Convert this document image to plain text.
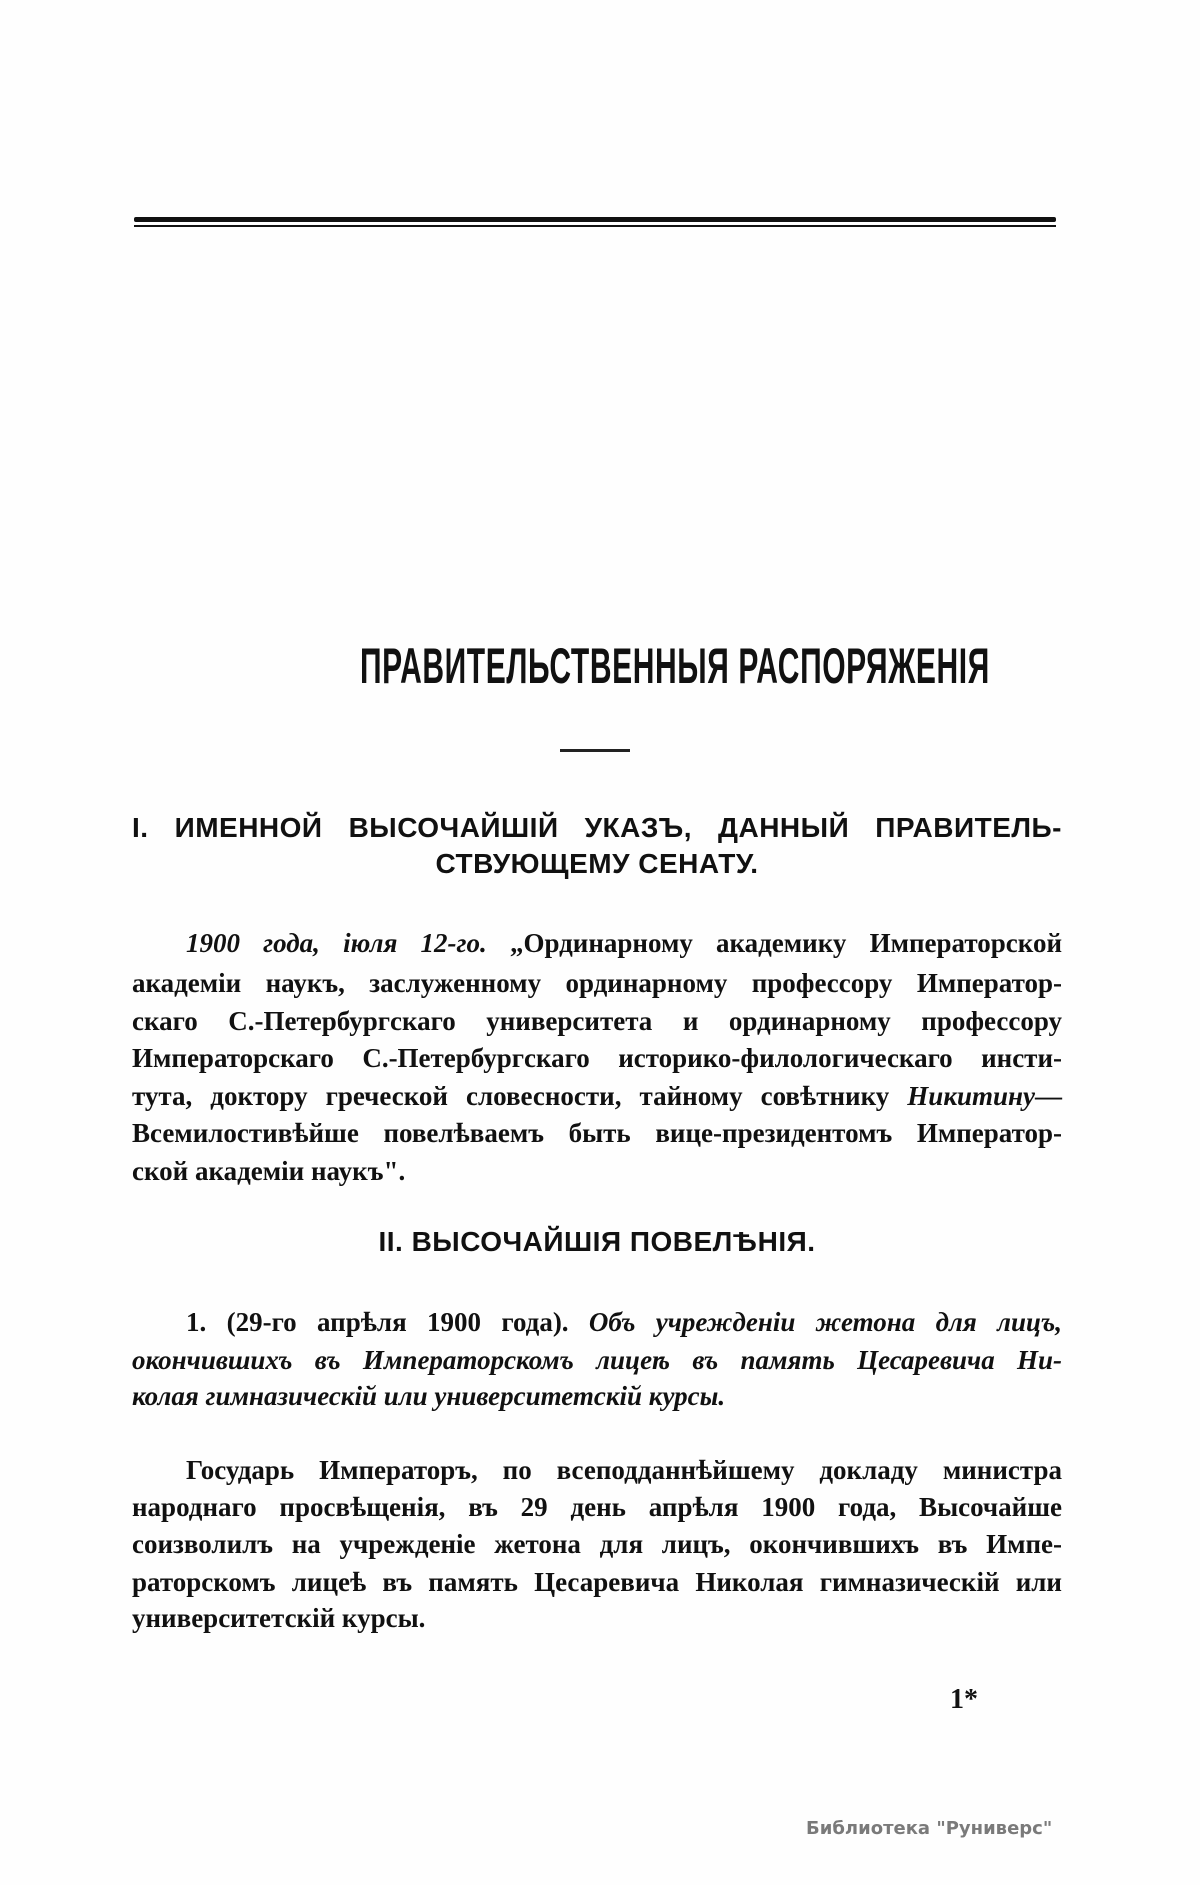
ПРАВИТЕЛЬСТВЕННЫЯ РАСПОРЯЖЕНІЯ
I. ИМЕННОЙ ВЫСОЧАЙШІЙ УКАЗЪ, ДАННЫЙ ПРАВИТЕЛЬ-
СТВУЮЩЕМУ СЕНАТУ.
1900 года, іюля 12-го. „Ординарному академику Императорской
академіи наукъ, заслуженному ординарному профессору Император-
скаго С.-Петербургскаго университета и ординарному профессору
Императорскаго С.-Петербургскаго историко-филологическаго инсти-
тута, доктору греческой словесности, тайному совѣтнику Никитину—
Всемилостивѣйше повелѣваемъ быть вице-президентомъ Император-
ской академіи наукъ".
II. ВЫСОЧАЙШІЯ ПОВЕЛѢНІЯ.
1. (29-го апрѣля 1900 года). Объ учрежденіи жетона для лицъ,
окончившихъ въ Императорскомъ лицеѣ въ память Цесаревича Ни-
колая гимназическій или университетскій курсы.
Государь Императоръ, по всеподданнѣйшему докладу министра
народнаго просвѣщенія, въ 29 день апрѣля 1900 года, Высочайше
соизволилъ на учрежденіе жетона для лицъ, окончившихъ въ Импе-
раторскомъ лицеѣ въ память Цесаревича Николая гимназическій или
университетскій курсы.
1*
Библиотека "Руниверс"
